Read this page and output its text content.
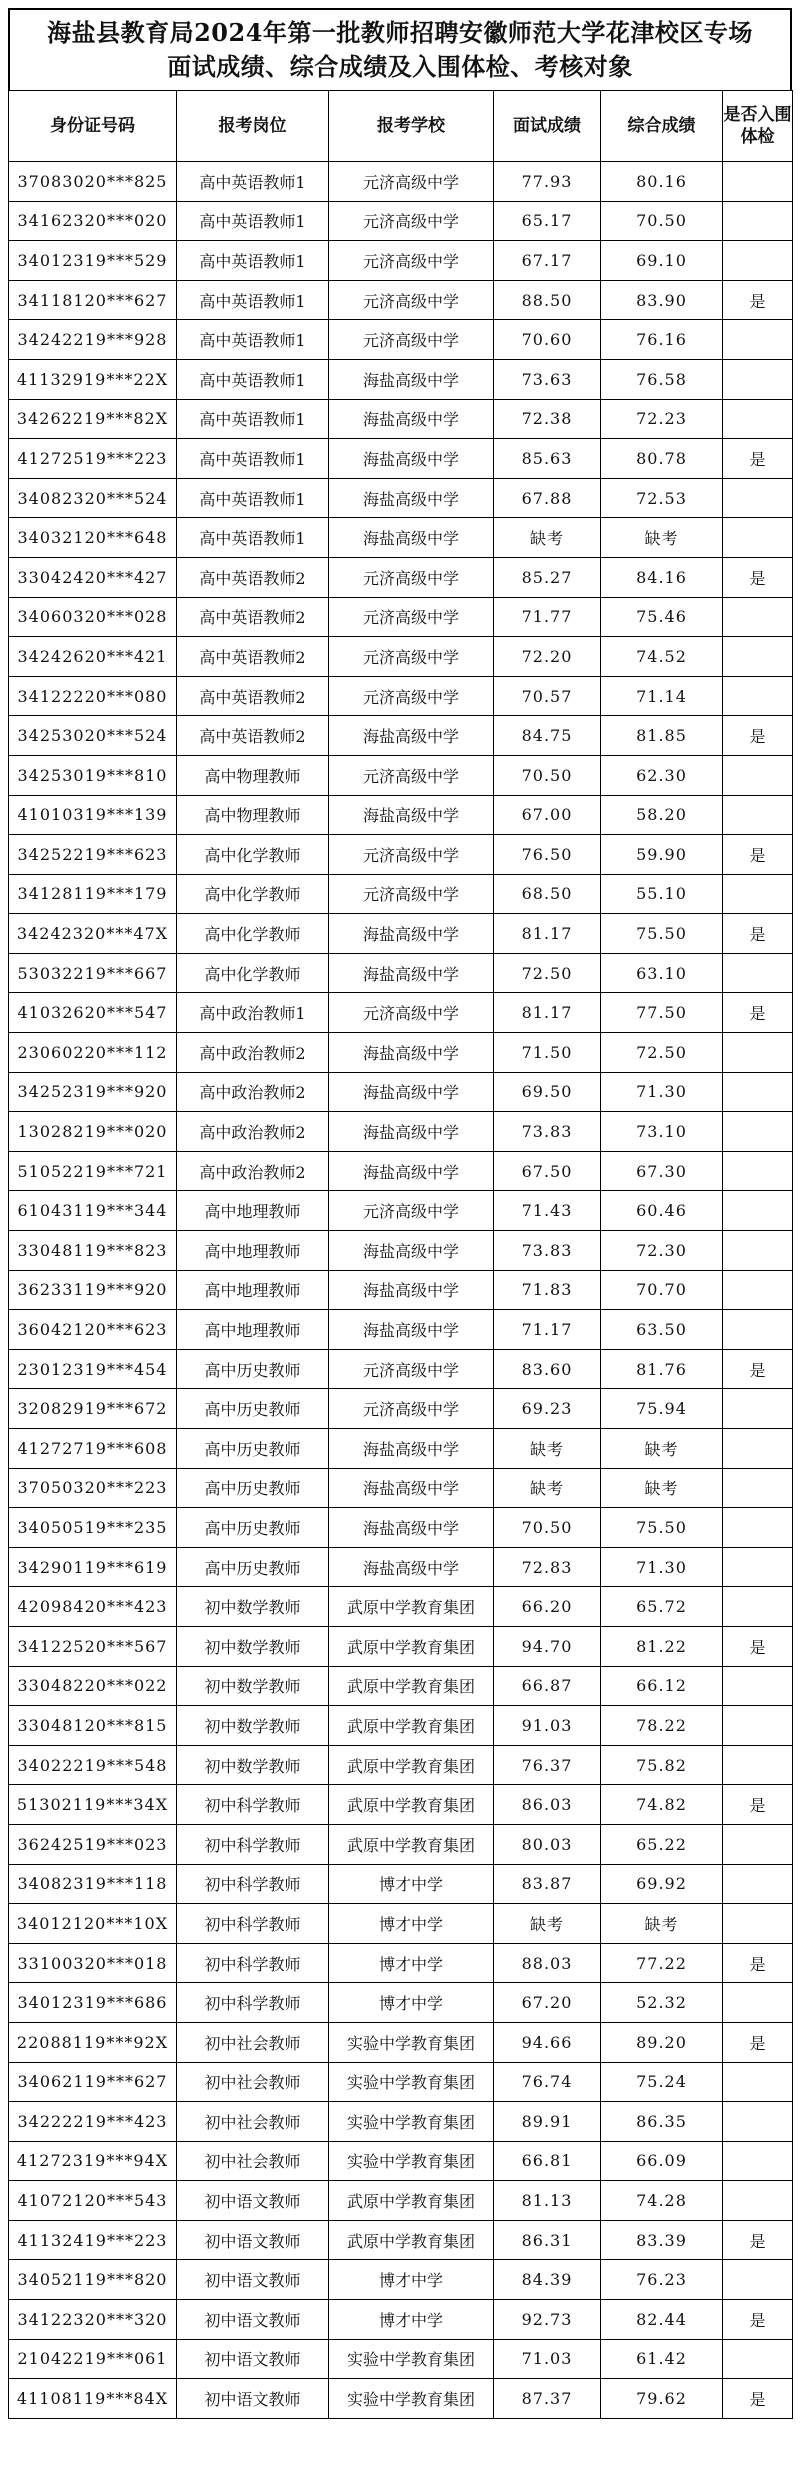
海盐县教育局2024年第一批教师招聘安徽师范大学花津校区专场
面试成绩、综合成绩及入围体检、考核对象
身份证号码	报考岗位	报考学校	面试成绩	综合成绩	是否入围体检
37083020***825	高中英语教师1	元济高级中学	77.93	80.16	
34162320***020	高中英语教师1	元济高级中学	65.17	70.50	
34012319***529	高中英语教师1	元济高级中学	67.17	69.10	
34118120***627	高中英语教师1	元济高级中学	88.50	83.90	是
34242219***928	高中英语教师1	元济高级中学	70.60	76.16	
41132919***22X	高中英语教师1	海盐高级中学	73.63	76.58	
34262219***82X	高中英语教师1	海盐高级中学	72.38	72.23	
41272519***223	高中英语教师1	海盐高级中学	85.63	80.78	是
34082320***524	高中英语教师1	海盐高级中学	67.88	72.53	
34032120***648	高中英语教师1	海盐高级中学	缺考	缺考	
33042420***427	高中英语教师2	元济高级中学	85.27	84.16	是
34060320***028	高中英语教师2	元济高级中学	71.77	75.46	
34242620***421	高中英语教师2	元济高级中学	72.20	74.52	
34122220***080	高中英语教师2	元济高级中学	70.57	71.14	
34253020***524	高中英语教师2	海盐高级中学	84.75	81.85	是
34253019***810	高中物理教师	元济高级中学	70.50	62.30	
41010319***139	高中物理教师	海盐高级中学	67.00	58.20	
34252219***623	高中化学教师	元济高级中学	76.50	59.90	是
34128119***179	高中化学教师	元济高级中学	68.50	55.10	
34242320***47X	高中化学教师	海盐高级中学	81.17	75.50	是
53032219***667	高中化学教师	海盐高级中学	72.50	63.10	
41032620***547	高中政治教师1	元济高级中学	81.17	77.50	是
23060220***112	高中政治教师2	海盐高级中学	71.50	72.50	
34252319***920	高中政治教师2	海盐高级中学	69.50	71.30	
13028219***020	高中政治教师2	海盐高级中学	73.83	73.10	
51052219***721	高中政治教师2	海盐高级中学	67.50	67.30	
61043119***344	高中地理教师	元济高级中学	71.43	60.46	
33048119***823	高中地理教师	海盐高级中学	73.83	72.30	
36233119***920	高中地理教师	海盐高级中学	71.83	70.70	
36042120***623	高中地理教师	海盐高级中学	71.17	63.50	
23012319***454	高中历史教师	元济高级中学	83.60	81.76	是
32082919***672	高中历史教师	元济高级中学	69.23	75.94	
41272719***608	高中历史教师	海盐高级中学	缺考	缺考	
37050320***223	高中历史教师	海盐高级中学	缺考	缺考	
34050519***235	高中历史教师	海盐高级中学	70.50	75.50	
34290119***619	高中历史教师	海盐高级中学	72.83	71.30	
42098420***423	初中数学教师	武原中学教育集团	66.20	65.72	
34122520***567	初中数学教师	武原中学教育集团	94.70	81.22	是
33048220***022	初中数学教师	武原中学教育集团	66.87	66.12	
33048120***815	初中数学教师	武原中学教育集团	91.03	78.22	
34022219***548	初中数学教师	武原中学教育集团	76.37	75.82	
51302119***34X	初中科学教师	武原中学教育集团	86.03	74.82	是
36242519***023	初中科学教师	武原中学教育集团	80.03	65.22	
34082319***118	初中科学教师	博才中学	83.87	69.92	
34012120***10X	初中科学教师	博才中学	缺考	缺考	
33100320***018	初中科学教师	博才中学	88.03	77.22	是
34012319***686	初中科学教师	博才中学	67.20	52.32	
22088119***92X	初中社会教师	实验中学教育集团	94.66	89.20	是
34062119***627	初中社会教师	实验中学教育集团	76.74	75.24	
34222219***423	初中社会教师	实验中学教育集团	89.91	86.35	
41272319***94X	初中社会教师	实验中学教育集团	66.81	66.09	
41072120***543	初中语文教师	武原中学教育集团	81.13	74.28	
41132419***223	初中语文教师	武原中学教育集团	86.31	83.39	是
34052119***820	初中语文教师	博才中学	84.39	76.23	
34122320***320	初中语文教师	博才中学	92.73	82.44	是
21042219***061	初中语文教师	实验中学教育集团	71.03	61.42	
41108119***84X	初中语文教师	实验中学教育集团	87.37	79.62	是
